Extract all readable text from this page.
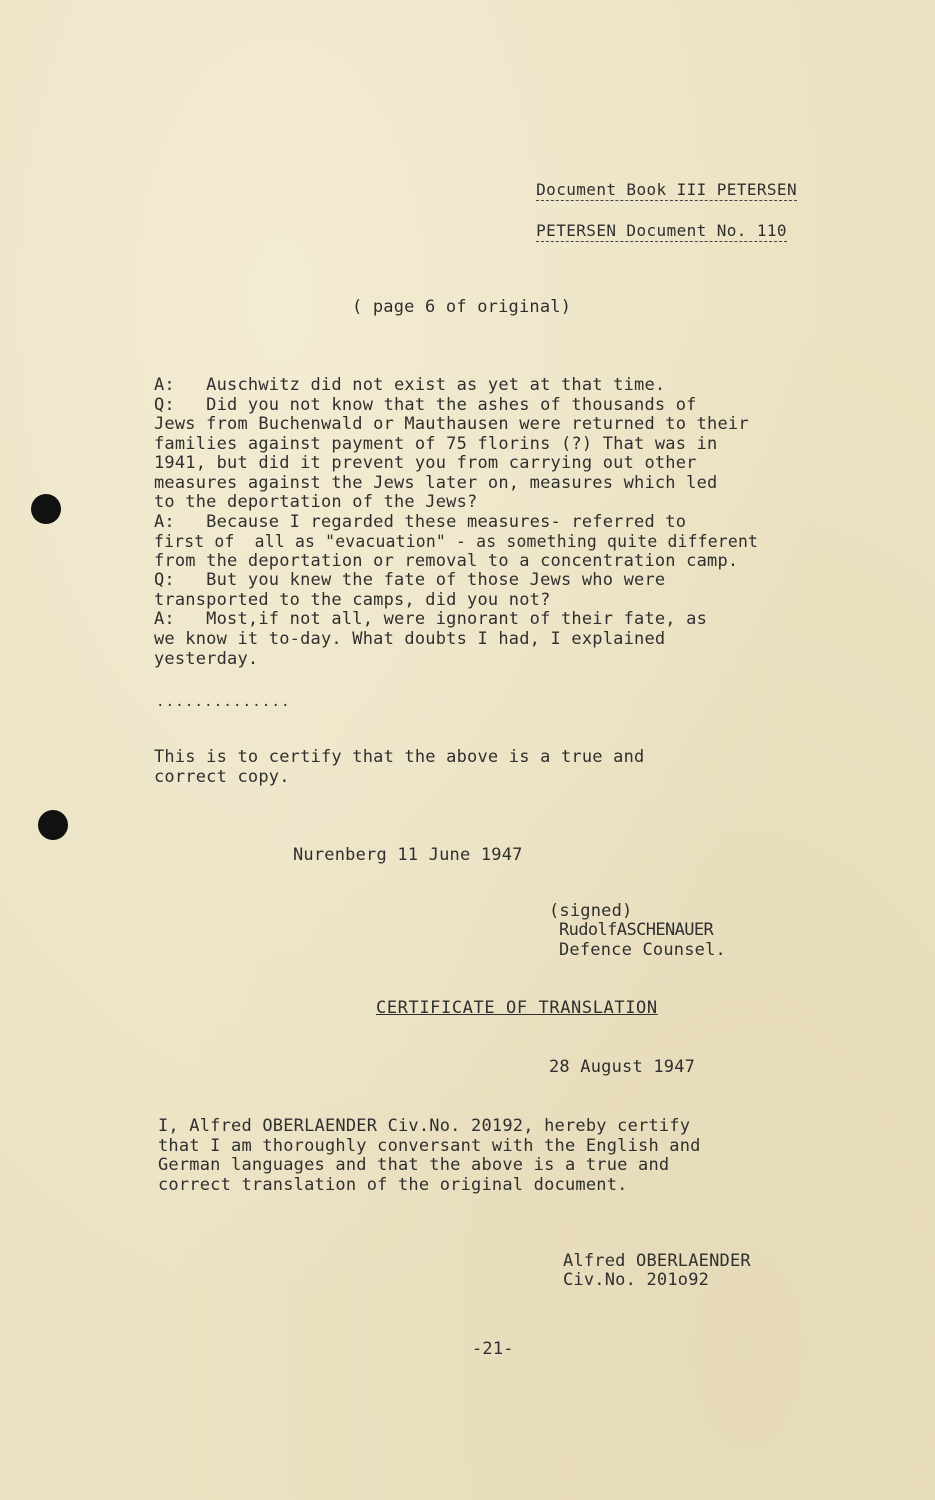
Document Book III PETERSEN

PETERSEN Document No. 110

( page 6 of original)
A:   Auschwitz did not exist as yet at that time.
Q:   Did you not know that the ashes of thousands of
Jews from Buchenwald or Mauthausen were returned to their
families against payment of 75 florins (?) That was in
1941, but did it prevent you from carrying out other
measures against the Jews later on, measures which led
to the deportation of the Jews?
A:   Because I regarded these measures- referred to
first of  all as "evacuation" - as something quite different
from the deportation or removal to a concentration camp.
Q:   But you knew the fate of those Jews who were
transported to the camps, did you not?
A:   Most,if not all, were ignorant of their fate, as
we know it to-day. What doubts I had, I explained
yesterday.
..............
This is to certify that the above is a true and
correct copy.
Nurenberg 11 June 1947
(signed)
RudolfASCHENAUER
Defence Counsel.
CERTIFICATE OF TRANSLATION
28 August 1947
I, Alfred OBERLAENDER Civ.No. 20192, hereby certify
that I am thoroughly conversant with the English and
German languages and that the above is a true and
correct translation of the original document.
Alfred OBERLAENDER
Civ.No. 201o92
-21-
